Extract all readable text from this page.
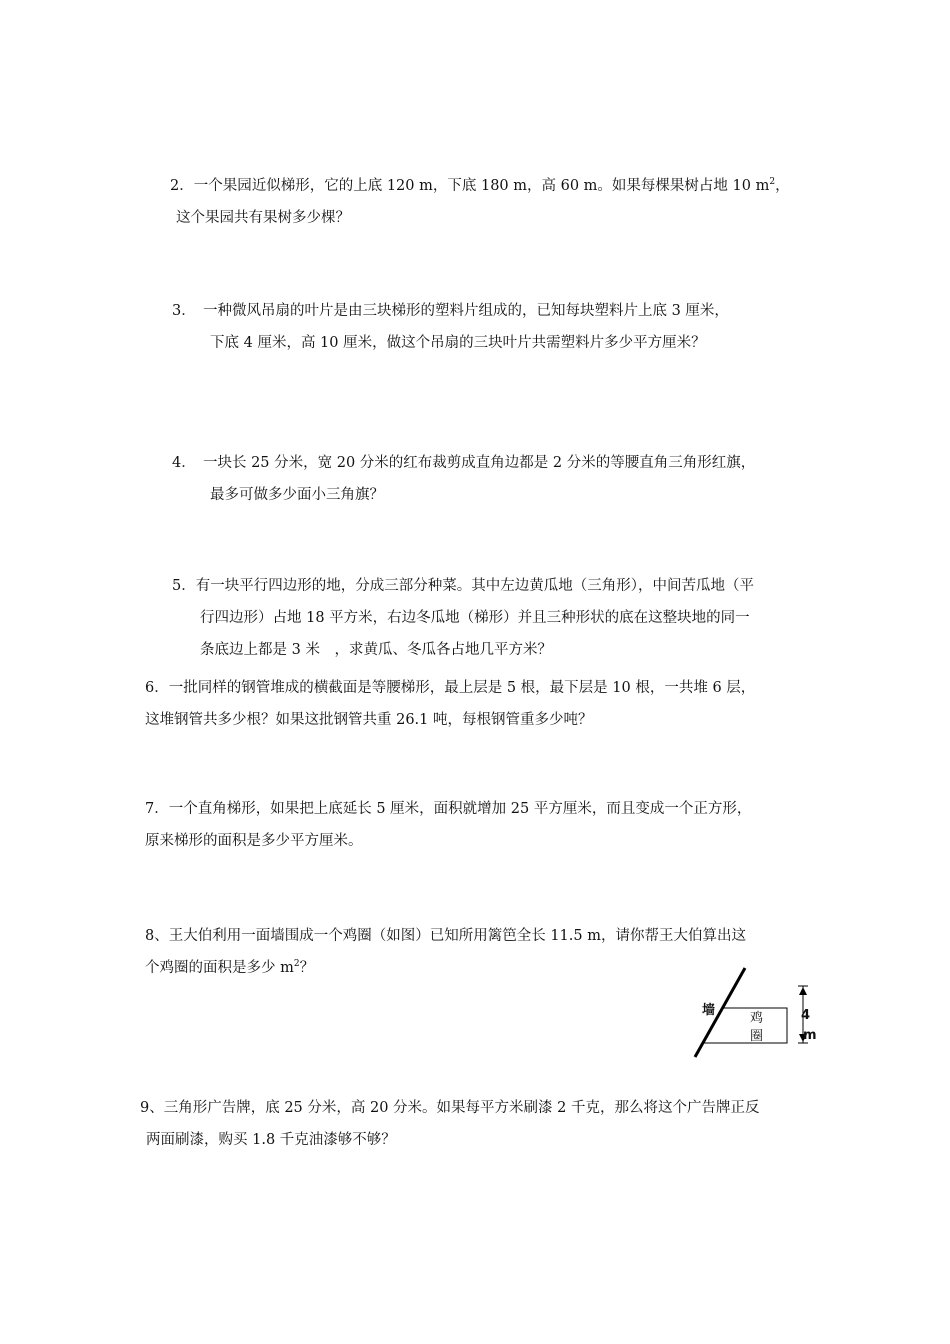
2．一个果园近似梯形，它的上底 120 m，下底 180 m，高 60 m。如果每棵果树占地 10 $m^2$，
这个果园共有果树多少棵？
3．　一种微风吊扇的叶片是由三块梯形的塑料片组成的，已知每块塑料片上底 3 厘米，
下底 4 厘米，高 10 厘米，做这个吊扇的三块叶片共需塑料片多少平方厘米？
4．　一块长 25 分米，宽 20 分米的红布裁剪成直角边都是 2 分米的等腰直角三角形红旗，
最多可做多少面小三角旗？
5．有一块平行四边形的地，分成三部分种菜。其中左边黄瓜地（三角形），中间苦瓜地（平
行四边形）占地 18 平方米，右边冬瓜地（梯形）并且三种形状的底在这整块地的同一
条底边上都是 3 米　，求黄瓜、冬瓜各占地几平方米？
6．一批同样的钢管堆成的横截面是等腰梯形，最上层是 5 根，最下层是 10 根，一共堆 6 层，
这堆钢管共多少根？如果这批钢管共重 26.1 吨，每根钢管重多少吨？
7．一个直角梯形，如果把上底延长 5 厘米，面积就增加 25 平方厘米，而且变成一个正方形，
原来梯形的面积是多少平方厘米。
8、王大伯利用一面墙围成一个鸡圈（如图）已知所用篱笆全长 11.5 m，请你帮王大伯算出这
个鸡圈的面积是多少 $m^2$？
墙
鸡
圈
4
m
9、三角形广告牌，底 25 分米，高 20 分米。如果每平方米刷漆 2 千克，那么将这个广告牌正反
两面刷漆，购买 1.8 千克油漆够不够？
